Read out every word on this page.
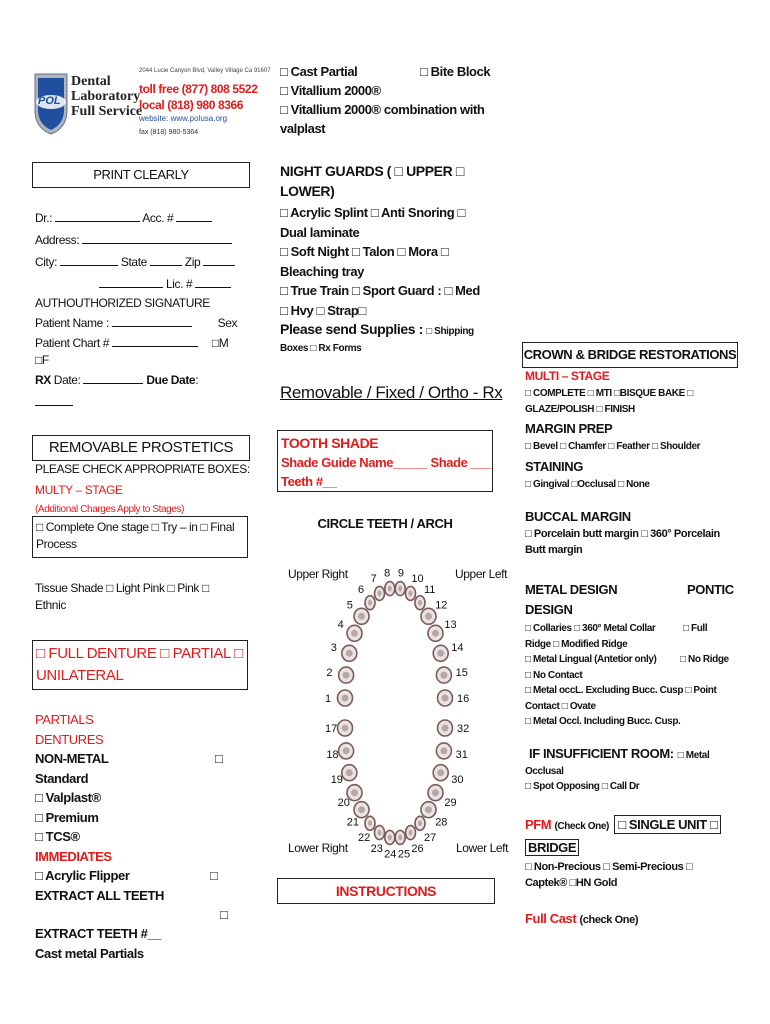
POL
Dental
Laboratory
Full Service
2044 Lucie Canyon Blvd, Valley Village Ca 91607
toll free (877) 808 5522
local (818) 980 8366
website: www.polusa.org
fax (818) 980-5364
PRINT CLEARLY
Dr.:	Acc. #
Address:
City:	State	Zip
Lic. #
AUTHOUTHORIZED SIGNATURE
Patient Name :	Sex
Patient Chart #	□M
□F
RX Date:	Due Date:
REMOVABLE PROSTETICS
PLEASE CHECK APPROPRIATE BOXES:
MULTY – STAGE
(Additional Charges Apply to Stages)
□ Complete One stage □ Try – in □ Final
Process
Tissue Shade □ Light Pink □ Pink □
Ethnic
□ FULL DENTURE □ PARTIAL □
UNILATERAL
PARTIALS
DENTURES
NON-METAL	□
Standard
□ Valplast®
□ Premium
□ TCS®
IMMEDIATES
□ Acrylic Flipper	□
EXTRACT ALL TEETH
□
EXTRACT TEETH #__
Cast metal Partials
□ Cast Partial	□ Bite Block
□ Vitallium 2000®
□ Vitallium 2000® combination with
valplast
NIGHT GUARDS ( □ UPPER □
LOWER)
□ Acrylic Splint □ Anti Snoring □
Dual laminate
□ Soft Night □ Talon □ Mora □
Bleaching tray
□ True Train □ Sport Guard : □ Med
□ Hvy □ Strap□
Please send Supplies : □ Shipping
Boxes □ Rx Forms
Removable / Fixed / Ortho - Rx
TOOTH SHADE
Shade Guide Name_____ Shade ___
Teeth #__
CIRCLE TEETH / ARCH
Upper Right	Upper Left
Lower Right	Lower Left
1
2
3
4
5
6
7 8 9 10
11
12
13
14
15
16
17
18
19
20
21
22
23 24 25 26
27
28
29
30
31
32
INSTRUCTIONS
CROWN & BRIDGE RESTORATIONS
MULTI – STAGE
□ COMPLETE □ MTI □BISQUE BAKE □
GLAZE/POLISH □ FINISH
MARGIN PREP
□ Bevel □ Chamfer □ Feather □ Shoulder
STAINING
□ Gingival □Occlusal □ None
BUCCAL MARGIN
□ Porcelain butt margin □ 360° Porcelain
Butt margin
METAL DESIGN	PONTIC
DESIGN
□ Collaries □ 360° Metal Collar	□ Full
Ridge □ Modified Ridge
□ Metal Lingual (Antetior only) □ No Ridge
□ No Contact
□ Metal occL. Excluding Bucc. Cusp □ Point
Contact □ Ovate
□ Metal Occl. Including Bucc. Cusp.
IF INSUFFICIENT ROOM: □ Metal
Occlusal
□ Spot Opposing □ Call Dr
PFM (Check One) □ SINGLE UNIT □
BRIDGE
□ Non-Precious □ Semi-Precious □
Captek® □HN Gold
Full Cast (check One)
